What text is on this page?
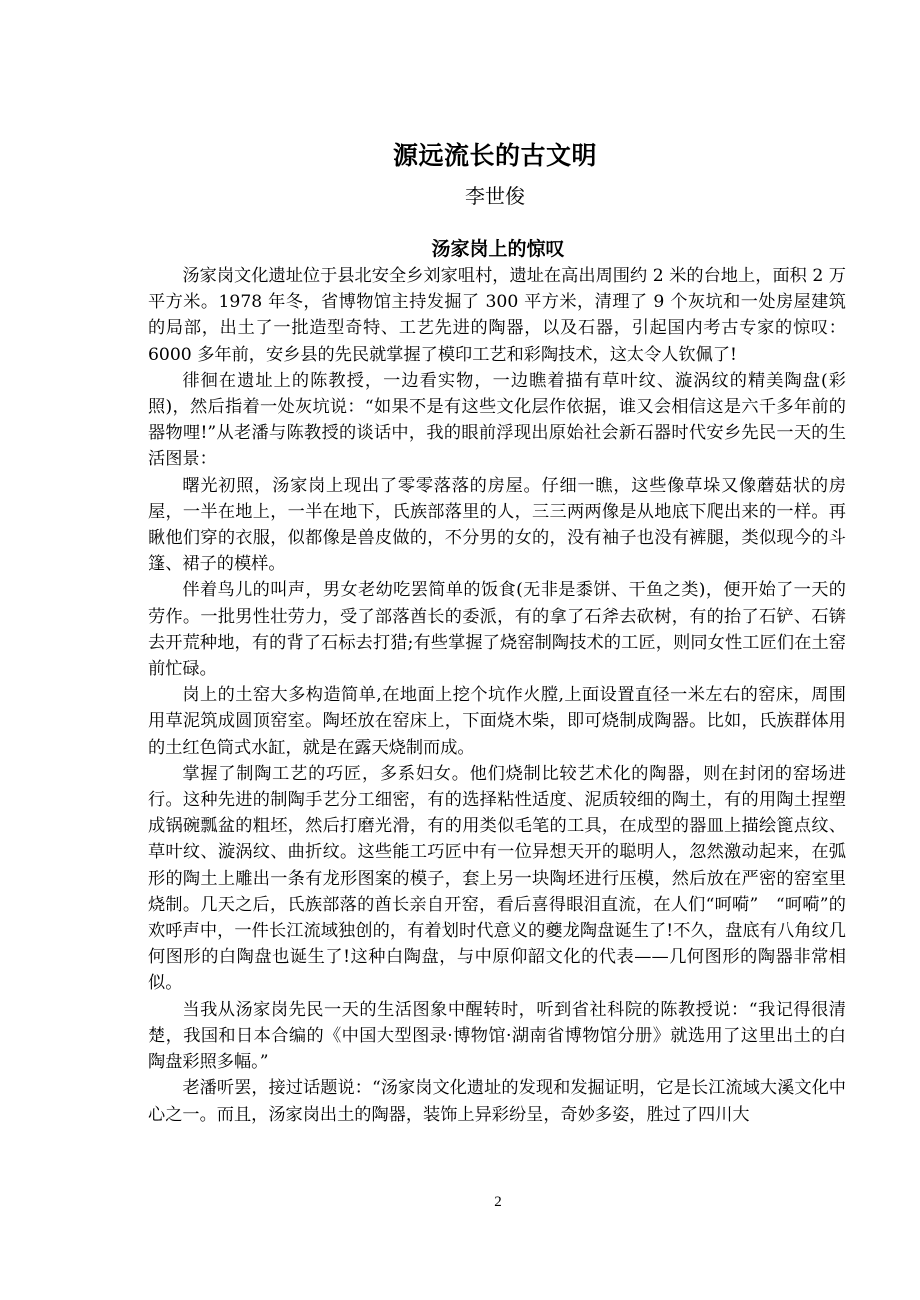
源远流长的古文明
李世俊
汤家岗上的惊叹

汤家岗文化遗址位于县北安全乡刘家咀村，遗址在高出周围约 2 米的台地上，面积 2 万平方米。1978 年冬，省博物馆主持发掘了 300 平方米，清理了 9 个灰坑和一处房屋建筑的局部，出土了一批造型奇特、工艺先进的陶器，以及石器，引起国内考古专家的惊叹：6000 多年前，安乡县的先民就掌握了模印工艺和彩陶技术，这太令人钦佩了!

徘徊在遗址上的陈教授，一边看实物，一边瞧着描有草叶纹、漩涡纹的精美陶盘(彩照)，然后指着一处灰坑说：“如果不是有这些文化层作依据，谁又会相信这是六千多年前的器物哩!”从老潘与陈教授的谈话中，我的眼前浮现出原始社会新石器时代安乡先民一天的生活图景：

曙光初照，汤家岗上现出了零零落落的房屋。仔细一瞧，这些像草垛又像蘑菇状的房屋，一半在地上，一半在地下，氏族部落里的人，三三两两像是从地底下爬出来的一样。再瞅他们穿的衣服，似都像是兽皮做的，不分男的女的，没有袖子也没有裤腿，类似现今的斗篷、裙子的模样。

伴着鸟儿的叫声，男女老幼吃罢简单的饭食(无非是黍饼、干鱼之类)，便开始了一天的劳作。一批男性壮劳力，受了部落酋长的委派，有的拿了石斧去砍树，有的抬了石铲、石锛去开荒种地，有的背了石标去打猎;有些掌握了烧窑制陶技术的工匠，则同女性工匠们在土窑前忙碌。

岗上的土窑大多构造简单,在地面上挖个坑作火膛,上面设置直径一米左右的窑床，周围用草泥筑成圆顶窑室。陶坯放在窑床上，下面烧木柴，即可烧制成陶器。比如，氏族群体用的土红色筒式水缸，就是在露天烧制而成。

掌握了制陶工艺的巧匠，多系妇女。他们烧制比较艺术化的陶器，则在封闭的窑场进行。这种先进的制陶手艺分工细密，有的选择粘性适度、泥质较细的陶土，有的用陶土捏塑成锅碗瓢盆的粗坯，然后打磨光滑，有的用类似毛笔的工具，在成型的器皿上描绘篦点纹、草叶纹、漩涡纹、曲折纹。这些能工巧匠中有一位异想天开的聪明人，忽然激动起来，在弧形的陶土上雕出一条有龙形图案的模子，套上另一块陶坯进行压模，然后放在严密的窑室里烧制。几天之后，氏族部落的酋长亲自开窑，看后喜得眼泪直流，在人们“呵嗬”　“呵嗬”的欢呼声中，一件长江流域独创的，有着划时代意义的夔龙陶盘诞生了!不久，盘底有八角纹几何图形的白陶盘也诞生了!这种白陶盘，与中原仰韶文化的代表——几何图形的陶器非常相似。

当我从汤家岗先民一天的生活图象中醒转时，听到省社科院的陈教授说：“我记得很清楚，我国和日本合编的《中国大型图录·博物馆·湖南省博物馆分册》就选用了这里出土的白陶盘彩照多幅。”

老潘听罢，接过话题说：“汤家岗文化遗址的发现和发掘证明，它是长江流域大溪文化中心之一。而且，汤家岗出土的陶器，装饰上异彩纷呈，奇妙多姿，胜过了四川大

2
